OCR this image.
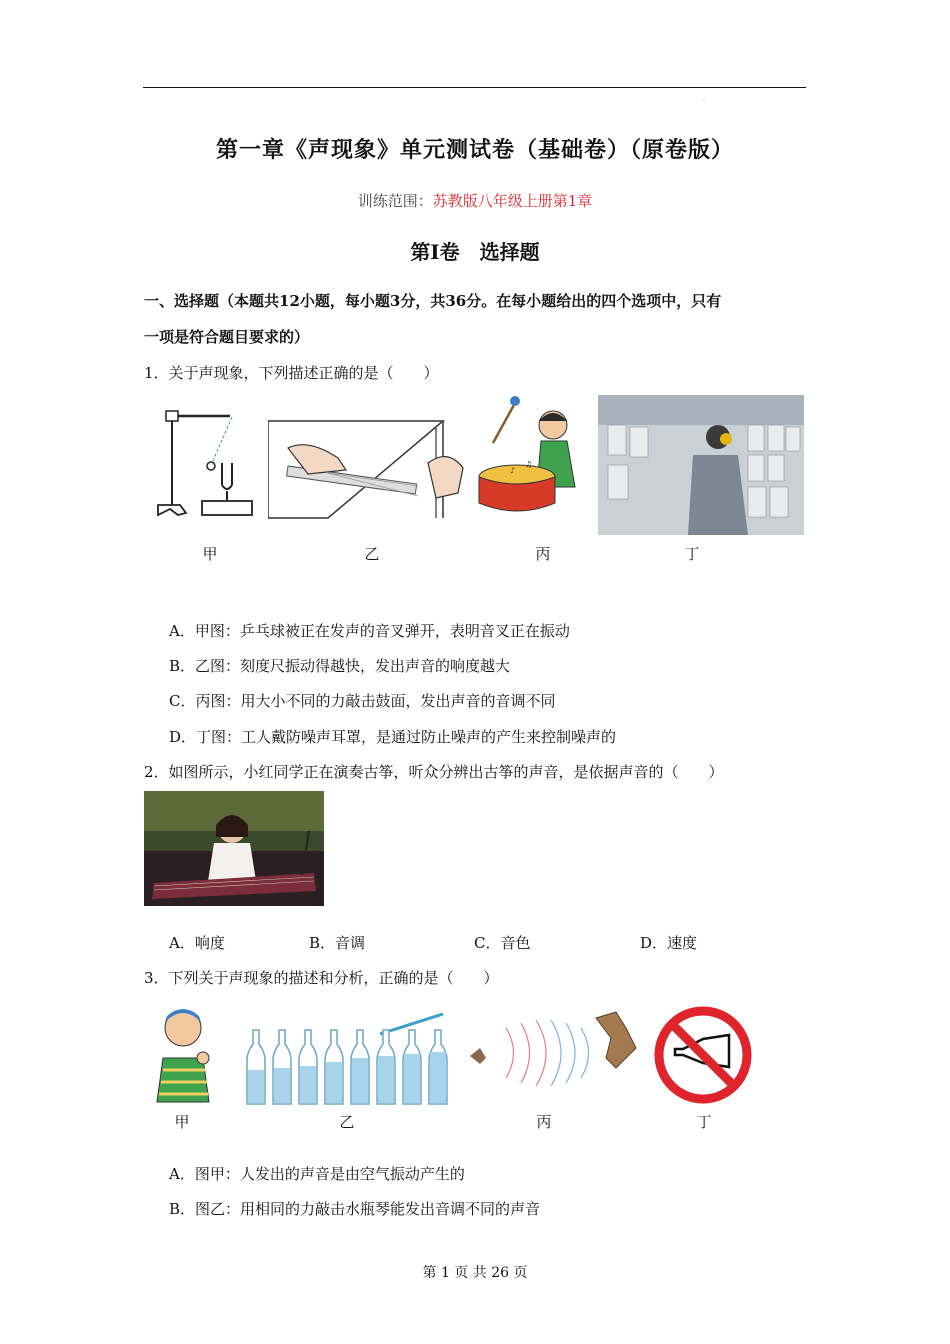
.
第一章《声现象》单元测试卷（基础卷）（原卷版）
训练范围：苏教版八年级上册第1章
第Ⅰ卷 选择题
一、选择题（本题共12小题，每小题3分，共36分。在每小题给出的四个选项中，只有
一项是符合题目要求的）
1．关于声现象，下列描述正确的是（　　）
♪
♫
甲	乙	丙	丁
A．甲图：乒乓球被正在发声的音叉弹开，表明音叉正在振动
B．乙图：刻度尺振动得越快，发出声音的响度越大
C．丙图：用大小不同的力敲击鼓面，发出声音的音调不同
D．丁图：工人戴防噪声耳罩，是通过防止噪声的产生来控制噪声的
2．如图所示，小红同学正在演奏古筝，听众分辨出古筝的声音，是依据声音的（　　）
A．响度	B．音调	C．音色	D．速度
3．下列关于声现象的描述和分析，正确的是（　　）
甲	乙	丙	丁
A．图甲：人发出的声音是由空气振动产生的
B．图乙：用相同的力敲击水瓶琴能发出音调不同的声音
第 1 页 共 26 页
